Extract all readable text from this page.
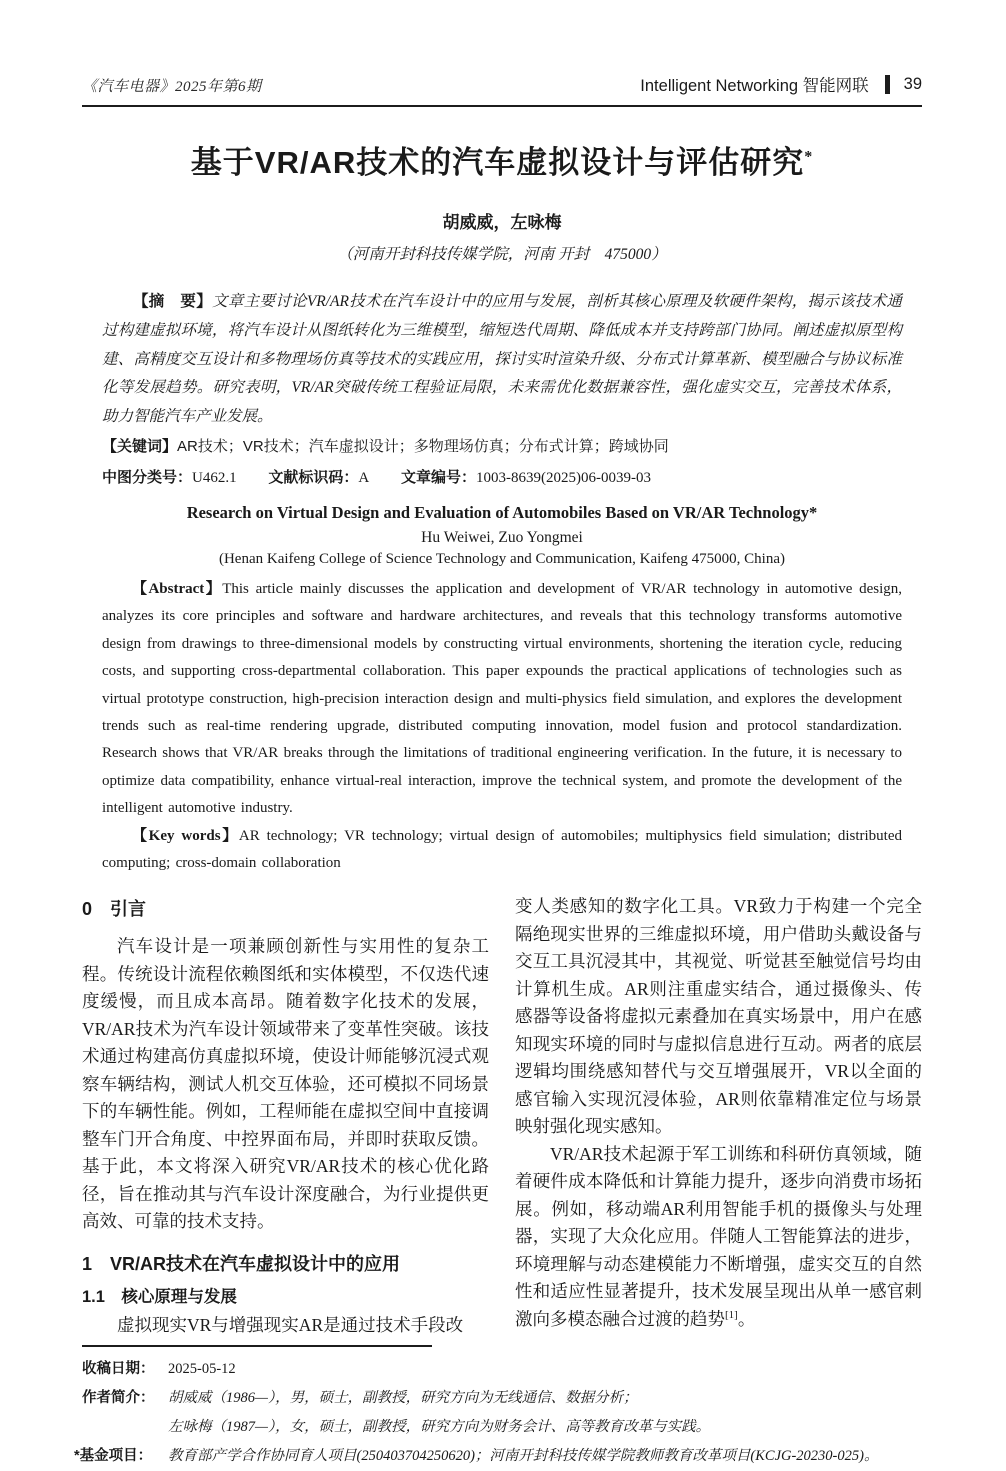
《汽车电器》2025年第6期	Intelligent Networking 智能网联 39
基于VR/AR技术的汽车虚拟设计与评估研究*
胡威威，左咏梅
（河南开封科技传媒学院，河南 开封　475000）

【摘　要】文章主要讨论VR/AR技术在汽车设计中的应用与发展，剖析其核心原理及软硬件架构，揭示该技术通过构建虚拟环境，将汽车设计从图纸转化为三维模型，缩短迭代周期、降低成本并支持跨部门协同。阐述虚拟原型构建、高精度交互设计和多物理场仿真等技术的实践应用，探讨实时渲染升级、分布式计算革新、模型融合与协议标准化等发展趋势。研究表明，VR/AR突破传统工程验证局限，未来需优化数据兼容性，强化虚实交互，完善技术体系，助力智能汽车产业发展。

【关键词】AR技术；VR技术；汽车虚拟设计；多物理场仿真；分布式计算；跨域协同

中图分类号：U462.1 文献标识码：A 文章编号：1003-8639(2025)06-0039-03

Research on Virtual Design and Evaluation of Automobiles Based on VR/AR Technology*
Hu Weiwei, Zuo Yongmei
(Henan Kaifeng College of Science Technology and Communication, Kaifeng 475000, China)

【Abstract】This article mainly discusses the application and development of VR/AR technology in automotive design, analyzes its core principles and software and hardware architectures, and reveals that this technology transforms automotive design from drawings to three-dimensional models by constructing virtual environments, shortening the iteration cycle, reducing costs, and supporting cross-departmental collaboration. This paper expounds the practical applications of technologies such as virtual prototype construction, high-precision interaction design and multi-physics field simulation, and explores the development trends such as real-time rendering upgrade, distributed computing innovation, model fusion and protocol standardization. Research shows that VR/AR breaks through the limitations of traditional engineering verification. In the future, it is necessary to optimize data compatibility, enhance virtual-real interaction, improve the technical system, and promote the development of the intelligent automotive industry.

【Key words】AR technology; VR technology; virtual design of automobiles; multiphysics field simulation; distributed computing; cross-domain collaboration

0　引言

汽车设计是一项兼顾创新性与实用性的复杂工程。传统设计流程依赖图纸和实体模型，不仅迭代速度缓慢，而且成本高昂。随着数字化技术的发展，VR/AR技术为汽车设计领域带来了变革性突破。该技术通过构建高仿真虚拟环境，使设计师能够沉浸式观察车辆结构，测试人机交互体验，还可模拟不同场景下的车辆性能。例如，工程师能在虚拟空间中直接调整车门开合角度、中控界面布局，并即时获取反馈。基于此，本文将深入研究VR/AR技术的核心优化路径，旨在推动其与汽车设计深度融合，为行业提供更高效、可靠的技术支持。

1　VR/AR技术在汽车虚拟设计中的应用
1.1　核心原理与发展

虚拟现实VR与增强现实AR是通过技术手段改

变人类感知的数字化工具。VR致力于构建一个完全隔绝现实世界的三维虚拟环境，用户借助头戴设备与交互工具沉浸其中，其视觉、听觉甚至触觉信号均由计算机生成。AR则注重虚实结合，通过摄像头、传感器等设备将虚拟元素叠加在真实场景中，用户在感知现实环境的同时与虚拟信息进行互动。两者的底层逻辑均围绕感知替代与交互增强展开，VR以全面的感官输入实现沉浸体验，AR则依靠精准定位与场景映射强化现实感知。

VR/AR技术起源于军工训练和科研仿真领域，随着硬件成本降低和计算能力提升，逐步向消费市场拓展。例如，移动端AR利用智能手机的摄像头与处理器，实现了大众化应用。伴随人工智能算法的进步，环境理解与动态建模能力不断增强，虚实交互的自然性和适应性显著提升，技术发展呈现出从单一感官刺激向多模态融合过渡的趋势[1]。

收稿日期： 2025-05-12
作者简介： 胡威威（1986—），男，硕士，副教授，研究方向为无线通信、数据分析；
左咏梅（1987—），女，硕士，副教授，研究方向为财务会计、高等教育改革与实践。
*基金项目：	教育部产学合作协同育人项目(250403704250620)；河南开封科技传媒学院教师教育改革项目(KCJG-20230-025)。
